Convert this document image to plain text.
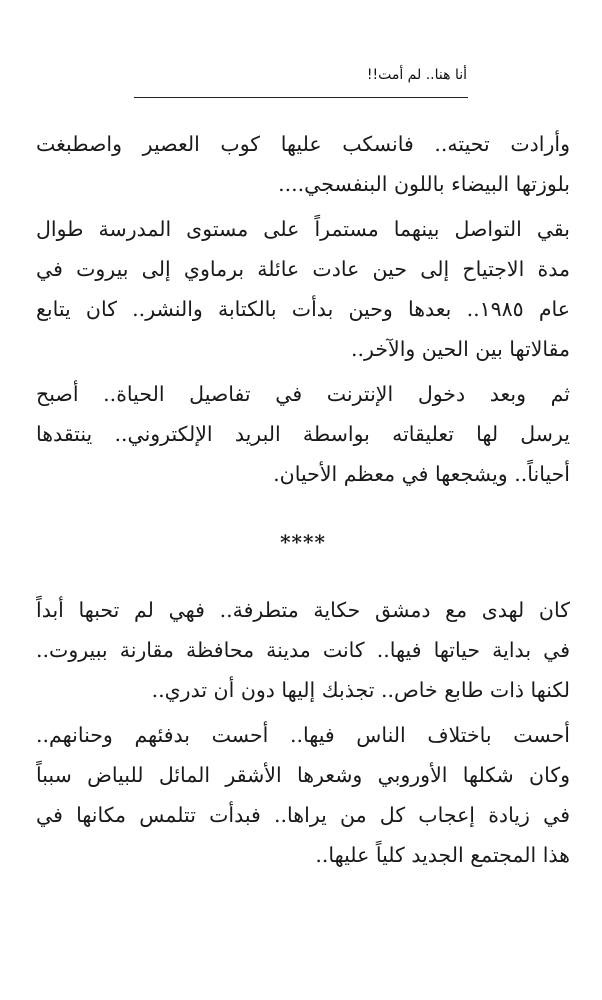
أنا هنا.. لم أمت!!
وأرادت تحيته.. فانسكب عليها كوب العصير واصطبغت
بلوزتها البيضاء باللون البنفسجي....
بقي التواصل بينهما مستمراً على مستوى المدرسة طوال
مدة الاجتياح إلى حين عادت عائلة برماوي إلى بيروت في
عام ١٩٨٥.. بعدها وحين بدأت بالكتابة والنشر.. كان يتابع
مقالاتها بين الحين والآخر..
ثم وبعد دخول الإنترنت في تفاصيل الحياة.. أصبح
يرسل لها تعليقاته بواسطة البريد الإلكتروني.. ينتقدها
أحياناً.. ويشجعها في معظم الأحيان.
****
كان لهدى مع دمشق حكاية متطرفة.. فهي لم تحبها أبداً
في بداية حياتها فيها.. كانت مدينة محافظة مقارنة ببيروت..
لكنها ذات طابع خاص.. تجذبك إليها دون أن تدري..
أحست باختلاف الناس فيها.. أحست بدفئهم وحنانهم..
وكان شكلها الأوروبي وشعرها الأشقر المائل للبياض سبباً
في زيادة إعجاب كل من يراها.. فبدأت تتلمس مكانها في
هذا المجتمع الجديد كلياً عليها..
